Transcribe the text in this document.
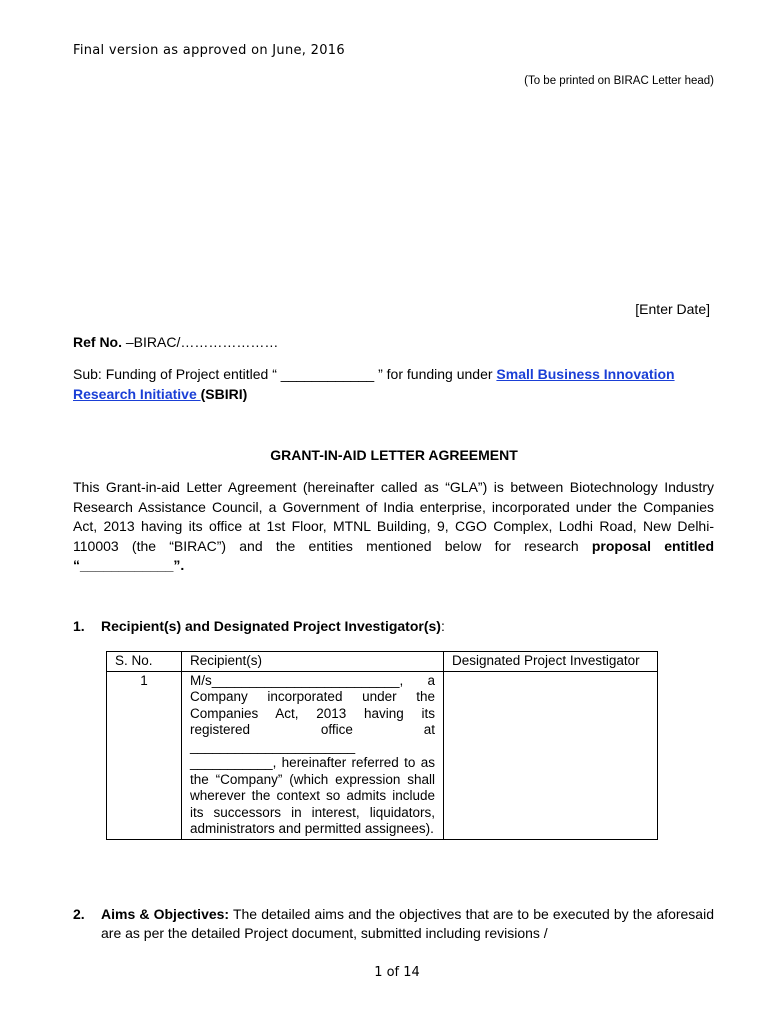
Final version as approved on June, 2016
(To be printed on BIRAC Letter head)
[Enter Date]
Ref No. –BIRAC/…………………
Sub: Funding of Project entitled “ ____________ ” for funding under Small Business Innovation Research Initiative (SBIRI)
GRANT-IN-AID LETTER AGREEMENT
This Grant-in-aid Letter Agreement (hereinafter called as “GLA”) is between Biotechnology Industry Research Assistance Council, a Government of India enterprise, incorporated under the Companies Act, 2013 having its office at 1st Floor, MTNL Building, 9, CGO Complex, Lodhi Road, New Delhi- 110003 (the “BIRAC”) and the entities mentioned below for research proposal entitled “____________”.
1. Recipient(s) and Designated Project Investigator(s):
S. No.	Recipient(s)	Designated Project Investigator
1	M/s_________________________, a Company incorporated under the Companies Act, 2013 having its registered office at ______________________ ___________, hereinafter referred to as the “Company” (which expression shall wherever the context so admits include its successors in interest, liquidators, administrators and permitted assignees).	
2. Aims & Objectives: The detailed aims and the objectives that are to be executed by the aforesaid are as per the detailed Project document, submitted including revisions /
1 of 14
